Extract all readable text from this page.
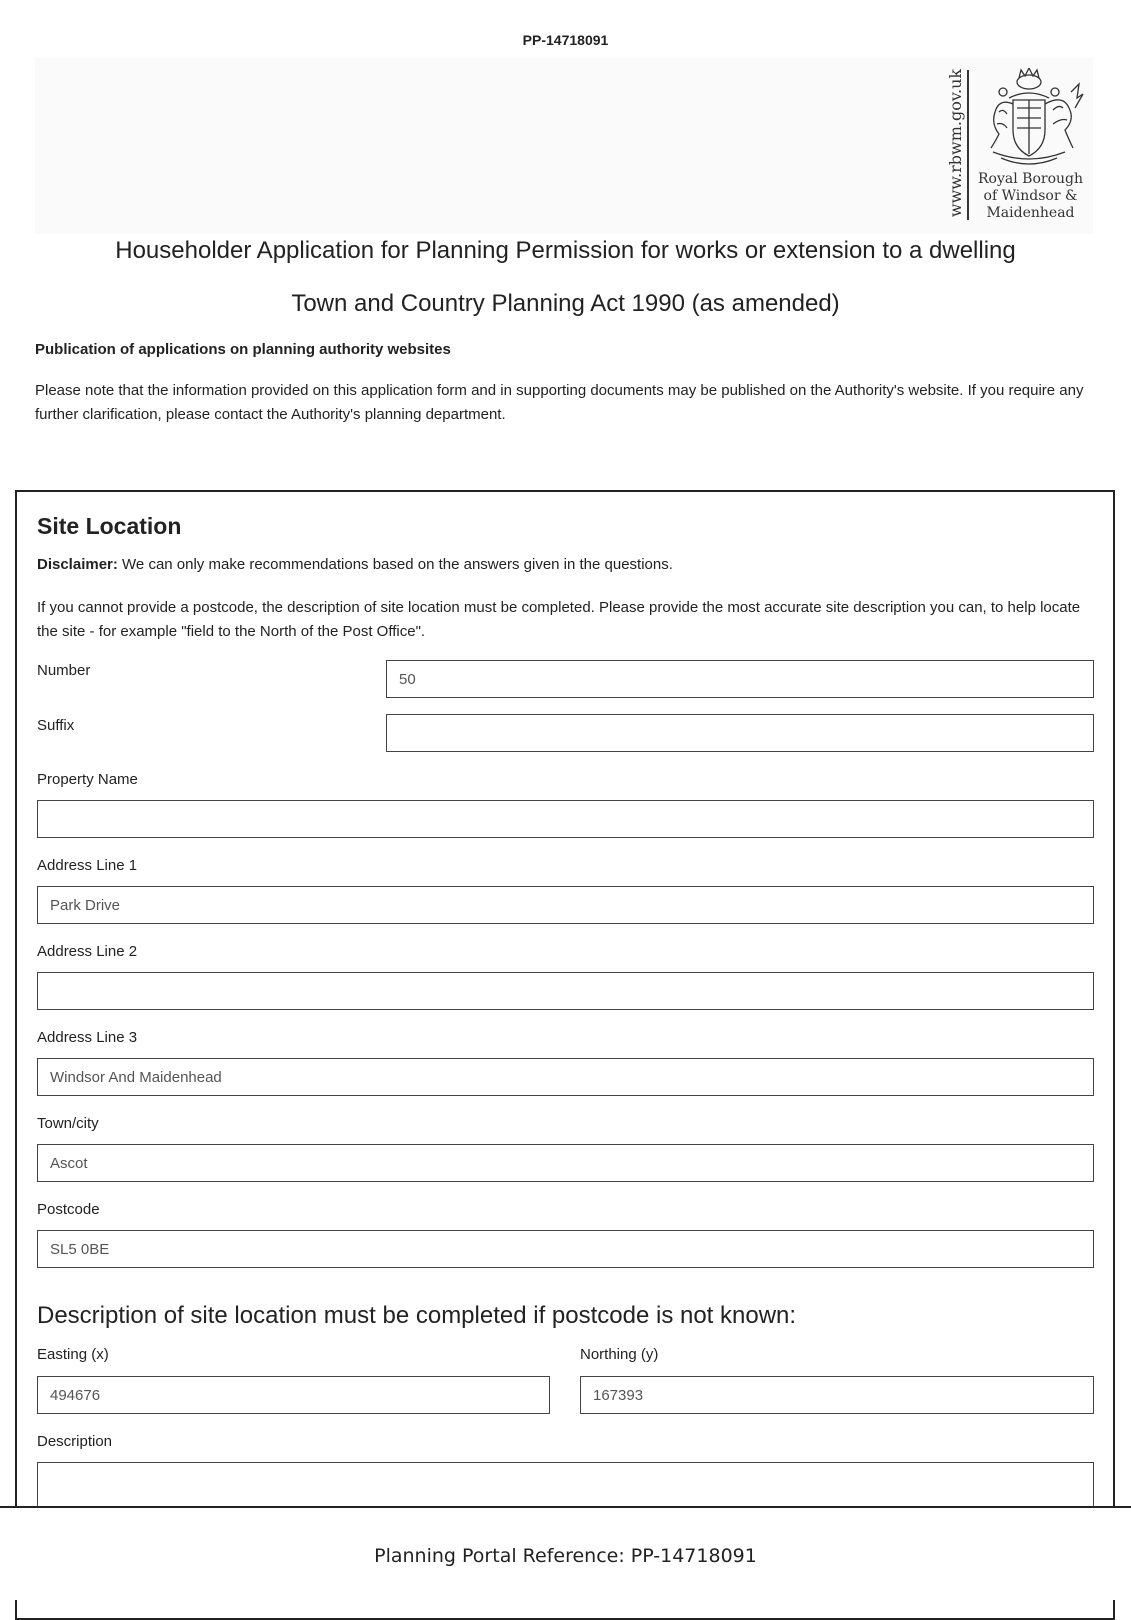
PP-14718091
www.rbwm.gov.uk Royal Borough
of Windsor &
Maidenhead
Householder Application for Planning Permission for works or extension to a dwelling
Town and Country Planning Act 1990 (as amended)
Publication of applications on planning authority websites
Please note that the information provided on this application form and in supporting documents may be published on the Authority's website. If you require any further clarification, please contact the Authority's planning department.
Site Location
Disclaimer: We can only make recommendations based on the answers given in the questions.
If you cannot provide a postcode, the description of site location must be completed. Please provide the most accurate site description you can, to help locate the site - for example "field to the North of the Post Office".
Number
50
Suffix
Property Name
Address Line 1
Park Drive
Address Line 2
Address Line 3
Windsor And Maidenhead
Town/city
Ascot
Postcode
SL5 0BE
Description of site location must be completed if postcode is not known:
Easting (x)
494676
Northing (y)
167393
Description
Planning Portal Reference: PP-14718091
